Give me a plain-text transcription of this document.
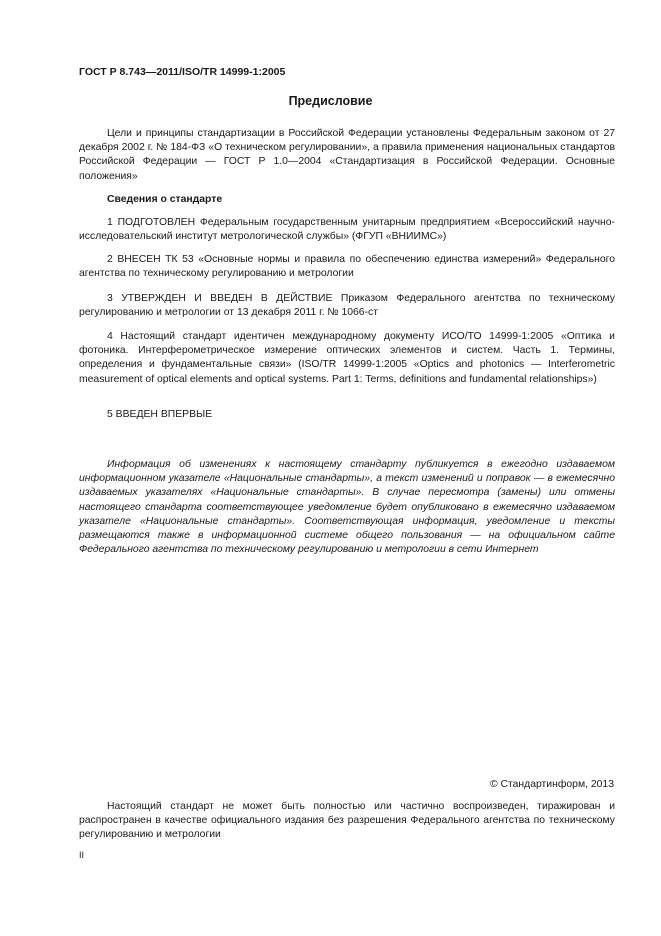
ГОСТ Р 8.743—2011/ISO/TR 14999-1:2005
Предисловие

Цели и принципы стандартизации в Российской Федерации установлены Федеральным законом от 27 декабря 2002 г. № 184-ФЗ «О техническом регулировании», а правила применения национальных стандартов Российской Федерации — ГОСТ Р 1.0—2004 «Стандартизация в Российской Федерации. Основные положения»

Сведения о стандарте

1 ПОДГОТОВЛЕН Федеральным государственным унитарным предприятием «Всероссийский научно-исследовательский институт метрологической службы» (ФГУП «ВНИИМС»)

2 ВНЕСЕН ТК 53 «Основные нормы и правила по обеспечению единства измерений» Федерального агентства по техническому регулированию и метрологии

3 УТВЕРЖДЕН И ВВЕДЕН В ДЕЙСТВИЕ Приказом Федерального агентства по техническому регулированию и метрологии от 13 декабря 2011 г. № 1066-ст

4 Настоящий стандарт идентичен международному документу ИСО/ТО 14999-1:2005 «Оптика и фотоника. Интерферометрическое измерение оптических элементов и систем. Часть 1. Термины, определения и фундаментальные связи» (ISO/TR 14999-1:2005 «Optics and photonics — Interferometric measurement of optical elements and optical systems. Part 1: Terms, definitions and fundamental relationships»)

5 ВВЕДЕН ВПЕРВЫЕ

Информация об изменениях к настоящему стандарту публикуется в ежегодно издаваемом информационном указателе «Национальные стандарты», а текст изменений и поправок — в ежемесячно издаваемых указателях «Национальные стандарты». В случае пересмотра (замены) или отмены настоящего стандарта соответствующее уведомление будет опубликовано в ежемесячно издаваемом указателе «Национальные стандарты». Соответствующая информация, уведомление и тексты размещаются также в информационной системе общего пользования — на официальном сайте Федерального агентства по техническому регулированию и метрологии в сети Интернет

© Стандартинформ, 2013

Настоящий стандарт не может быть полностью или частично воспроизведен, тиражирован и распространен в качестве официального издания без разрешения Федерального агентства по техническому регулированию и метрологии

II
